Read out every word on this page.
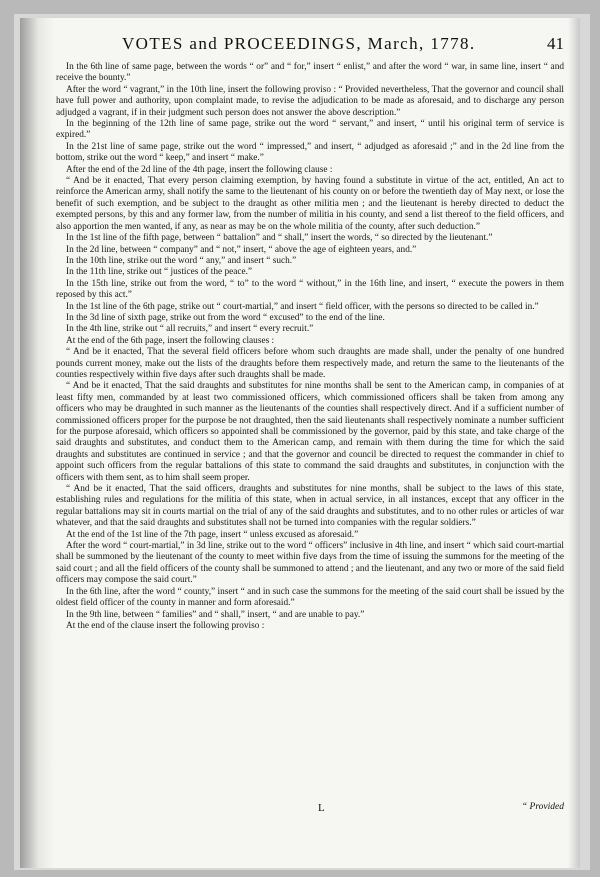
VOTES and PROCEEDINGS, March, 1778.	41

In the 6th line of same page, between the words “ or” and “ for,” insert “ enlist,” and after the word “ war, in same line, insert “ and receive the bounty.”

After the word “ vagrant,” in the 10th line, insert the following proviso : “ Provided nevertheless, That the governor and council shall have full power and authority, upon complaint made, to revise the adjudication to be made as aforesaid, and to discharge any person adjudged a vagrant, if in their judgment such person does not answer the above description.”

In the beginning of the 12th line of same page, strike out the word “ servant,” and insert, “ until his original term of service is expired.”

In the 21st line of same page, strike out the word “ impressed,” and insert, “ adjudged as aforesaid ;” and in the 2d line from the bottom, strike out the word “ keep,” and insert “ make.”

After the end of the 2d line of the 4th page, insert the following clause :

“ And be it enacted, That every person claiming exemption, by having found a substitute in virtue of the act, entitled, An act to reinforce the American army, shall notify the same to the lieutenant of his county on or before the twentieth day of May next, or lose the benefit of such exemption, and be subject to the draught as other militia men ; and the lieutenant is hereby directed to deduct the exempted persons, by this and any former law, from the number of militia in his county, and send a list thereof to the field officers, and also apportion the men wanted, if any, as near as may be on the whole militia of the county, after such deduction.”

In the 1st line of the fifth page, between “ battalion” and “ shall,” insert the words, “ so directed by the lieutenant.”

In the 2d line, between “ company” and “ not,” insert, “ above the age of eighteen years, and.”

In the 10th line, strike out the word “ any,” and insert “ such.”

In the 11th line, strike out “ justices of the peace.”

In the 15th line, strike out from the word, “ to” to the word “ without,” in the 16th line, and insert, “ execute the powers in them reposed by this act.”

In the 1st line of the 6th page, strike out “ court-martial,” and insert “ field officer, with the persons so directed to be called in.”

In the 3d line of sixth page, strike out from the word “ excused” to the end of the line.

In the 4th line, strike out “ all recruits,” and insert “ every recruit.”

At the end of the 6th page, insert the following clauses :

“ And be it enacted, That the several field officers before whom such draughts are made shall, under the penalty of one hundred pounds current money, make out the lists of the draughts before them respectively made, and return the same to the lieutenants of the counties respectively within five days after such draughts shall be made.

“ And be it enacted, That the said draughts and substitutes for nine months shall be sent to the American camp, in companies of at least fifty men, commanded by at least two commissioned officers, which commissioned officers shall be taken from among any officers who may be draughted in such manner as the lieutenants of the counties shall respectively direct. And if a sufficient number of commissioned officers proper for the purpose be not draughted, then the said lieutenants shall respectively nominate a number sufficient for the purpose aforesaid, which officers so appointed shall be commissioned by the governor, paid by this state, and take charge of the said draughts and substitutes, and conduct them to the American camp, and remain with them during the time for which the said draughts and substitutes are continued in service ; and that the governor and council be directed to request the commander in chief to appoint such officers from the regular battalions of this state to command the said draughts and substitutes, in conjunction with the officers with them sent, as to him shall seem proper.

“ And be it enacted, That the said officers, draughts and substitutes for nine months, shall be subject to the laws of this state, establishing rules and regulations for the militia of this state, when in actual service, in all instances, except that any officer in the regular battalions may sit in courts martial on the trial of any of the said draughts and substitutes, and to no other rules or articles of war whatever, and that the said draughts and substitutes shall not be turned into companies with the regular soldiers.”

At the end of the 1st line of the 7th page, insert “ unless excused as aforesaid.”

After the word “ court-martial,” in 3d line, strike out to the word “ officers” inclusive in 4th line, and insert “ which said court-martial shall be summoned by the lieutenant of the county to meet within five days from the time of issuing the summons for the meeting of the said court ; and all the field officers of the county shall be summoned to attend ; and the lieutenant, and any two or more of the said field officers may compose the said court.”

In the 6th line, after the word “ county,” insert “ and in such case the summons for the meeting of the said court shall be issued by the oldest field officer of the county in manner and form aforesaid.”

In the 9th line, between “ families” and “ shall,” insert, “ and are unable to pay.”

At the end of the clause insert the following proviso :

L	“ Provided
